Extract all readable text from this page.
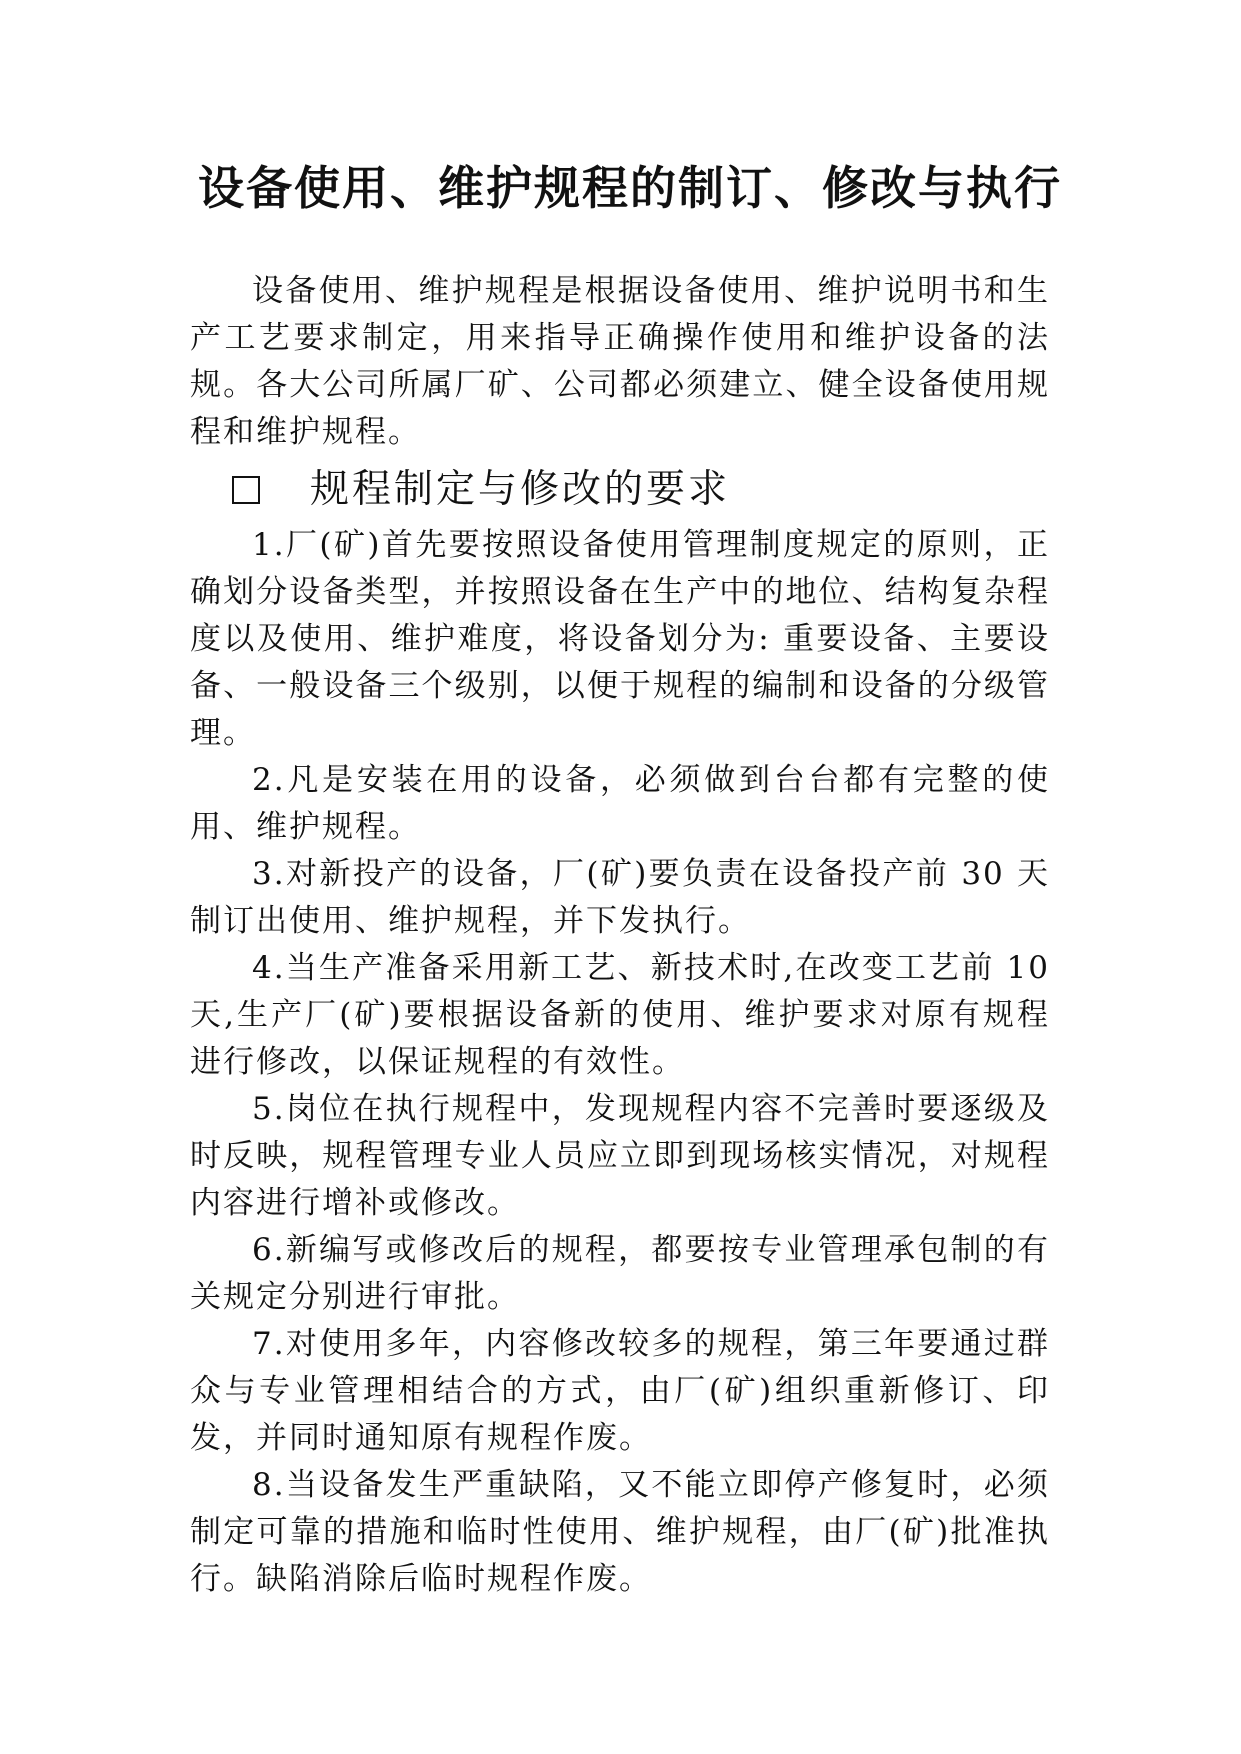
设备使用、维护规程的制订、修改与执行

设备使用、维护规程是根据设备使用、维护说明书和生产工艺要求制定，用来指导正确操作使用和维护设备的法规。各大公司所属厂矿、公司都必须建立、健全设备使用规程和维护规程。

规程制定与修改的要求

1.厂(矿)首先要按照设备使用管理制度规定的原则，正确划分设备类型，并按照设备在生产中的地位、结构复杂程度以及使用、维护难度，将设备划分为: 重要设备、主要设备、一般设备三个级别，以便于规程的编制和设备的分级管理。

2.凡是安装在用的设备，必须做到台台都有完整的使用、维护规程。

3.对新投产的设备，厂(矿)要负责在设备投产前 30 天制订出使用、维护规程，并下发执行。

4.当生产准备采用新工艺、新技术时,在改变工艺前 10 天,生产厂(矿)要根据设备新的使用、维护要求对原有规程进行修改，以保证规程的有效性。

5.岗位在执行规程中，发现规程内容不完善时要逐级及时反映，规程管理专业人员应立即到现场核实情况，对规程内容进行增补或修改。

6.新编写或修改后的规程，都要按专业管理承包制的有关规定分别进行审批。

7.对使用多年，内容修改较多的规程，第三年要通过群众与专业管理相结合的方式，由厂(矿)组织重新修订、印发，并同时通知原有规程作废。

8.当设备发生严重缺陷，又不能立即停产修复时，必须制定可靠的措施和临时性使用、维护规程，由厂(矿)批准执行。缺陷消除后临时规程作废。
